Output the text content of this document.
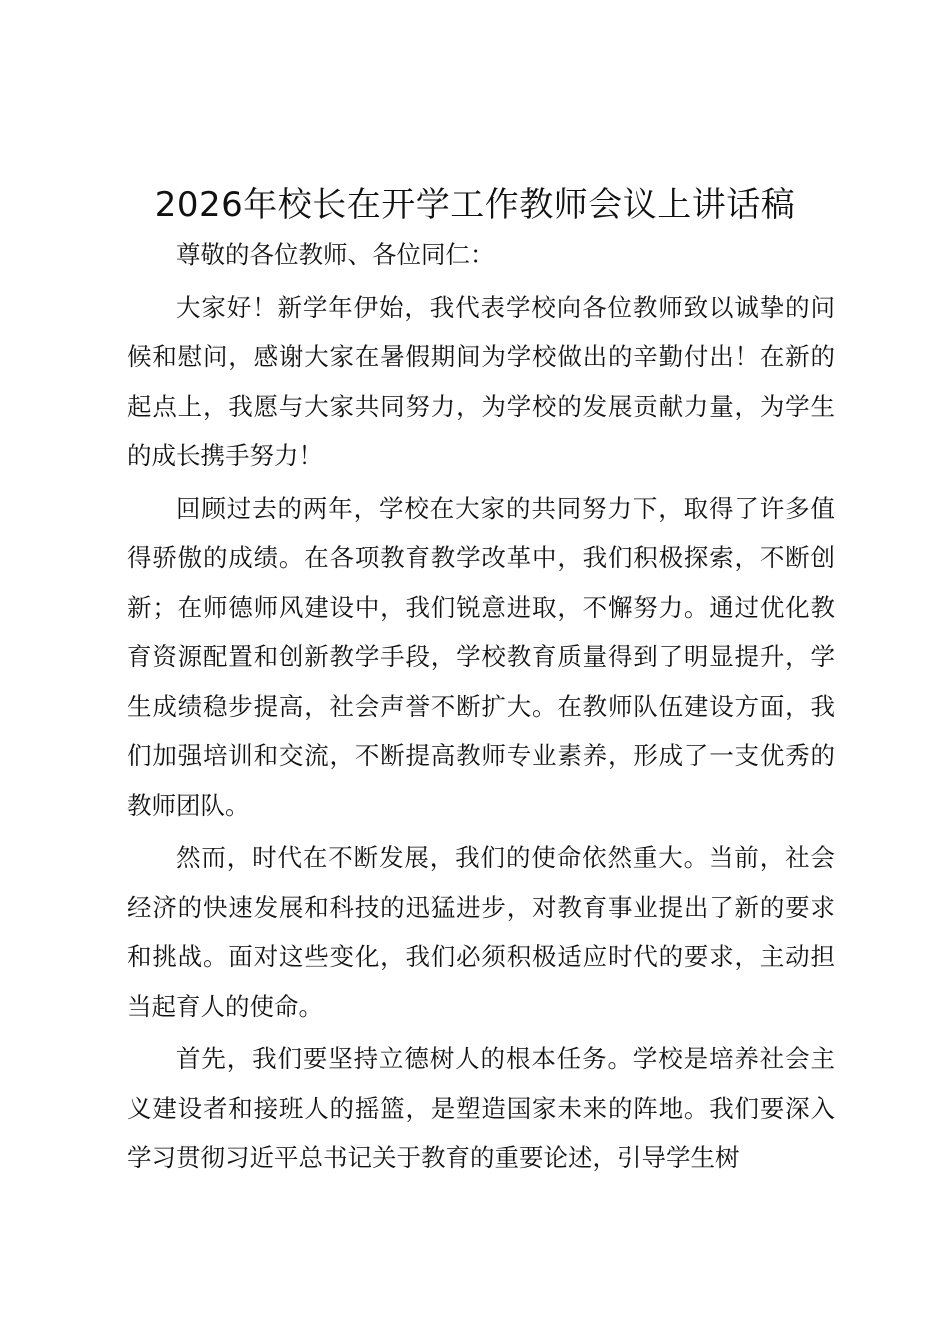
2026年校长在开学工作教师会议上讲话稿

尊敬的各位教师、各位同仁：

大家好！新学年伊始，我代表学校向各位教师致以诚挚的问候和慰问，感谢大家在暑假期间为学校做出的辛勤付出！在新的起点上，我愿与大家共同努力，为学校的发展贡献力量，为学生的成长携手努力！

回顾过去的两年，学校在大家的共同努力下，取得了许多值得骄傲的成绩。在各项教育教学改革中，我们积极探索，不断创新；在师德师风建设中，我们锐意进取，不懈努力。通过优化教育资源配置和创新教学手段，学校教育质量得到了明显提升，学生成绩稳步提高，社会声誉不断扩大。在教师队伍建设方面，我们加强培训和交流，不断提高教师专业素养，形成了一支优秀的教师团队。

然而，时代在不断发展，我们的使命依然重大。当前，社会经济的快速发展和科技的迅猛进步，对教育事业提出了新的要求和挑战。面对这些变化，我们必须积极适应时代的要求，主动担当起育人的使命。

首先，我们要坚持立德树人的根本任务。学校是培养社会主义建设者和接班人的摇篮，是塑造国家未来的阵地。我们要深入学习贯彻习近平总书记关于教育的重要论述，引导学生树
